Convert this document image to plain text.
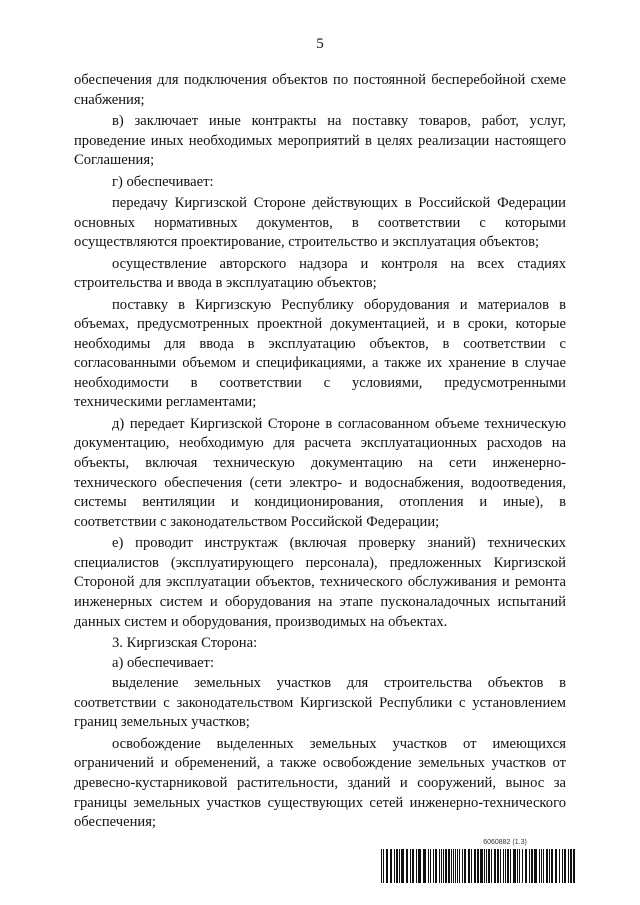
5

обеспечения для подключения объектов по постоянной бесперебойной схеме снабжения;

в) заключает иные контракты на поставку товаров, работ, услуг, проведение иных необходимых мероприятий в целях реализации настоящего Соглашения;

г) обеспечивает:

передачу Киргизской Стороне действующих в Российской Федерации основных нормативных документов, в соответствии с которыми осуществляются проектирование, строительство и эксплуатация объектов;

осуществление авторского надзора и контроля на всех стадиях строительства и ввода в эксплуатацию объектов;

поставку в Киргизскую Республику оборудования и материалов в объемах, предусмотренных проектной документацией, и в сроки, которые необходимы для ввода в эксплуатацию объектов, в соответствии с согласованными объемом и спецификациями, а также их хранение в случае необходимости в соответствии с условиями, предусмотренными техническими регламентами;

д) передает Киргизской Стороне в согласованном объеме техническую документацию, необходимую для расчета эксплуатационных расходов на объекты, включая техническую документацию на сети инженерно-технического обеспечения (сети электро- и водоснабжения, водоотведения, системы вентиляции и кондиционирования, отопления и иные), в соответствии с законодательством Российской Федерации;

е) проводит инструктаж (включая проверку знаний) технических специалистов (эксплуатирующего персонала), предложенных Киргизской Стороной для эксплуатации объектов, технического обслуживания и ремонта инженерных систем и оборудования на этапе пусконаладочных испытаний данных систем и оборудования, производимых на объектах.

3. Киргизская Сторона:

а) обеспечивает:

выделение земельных участков для строительства объектов в соответствии с законодательством Киргизской Республики с установлением границ земельных участков;

освобождение выделенных земельных участков от имеющихся ограничений и обременений, а также освобождение земельных участков от древесно-кустарниковой растительности, зданий и сооружений, вынос за границы земельных участков существующих сетей инженерно-технического обеспечения;

6060882 (1.3)
